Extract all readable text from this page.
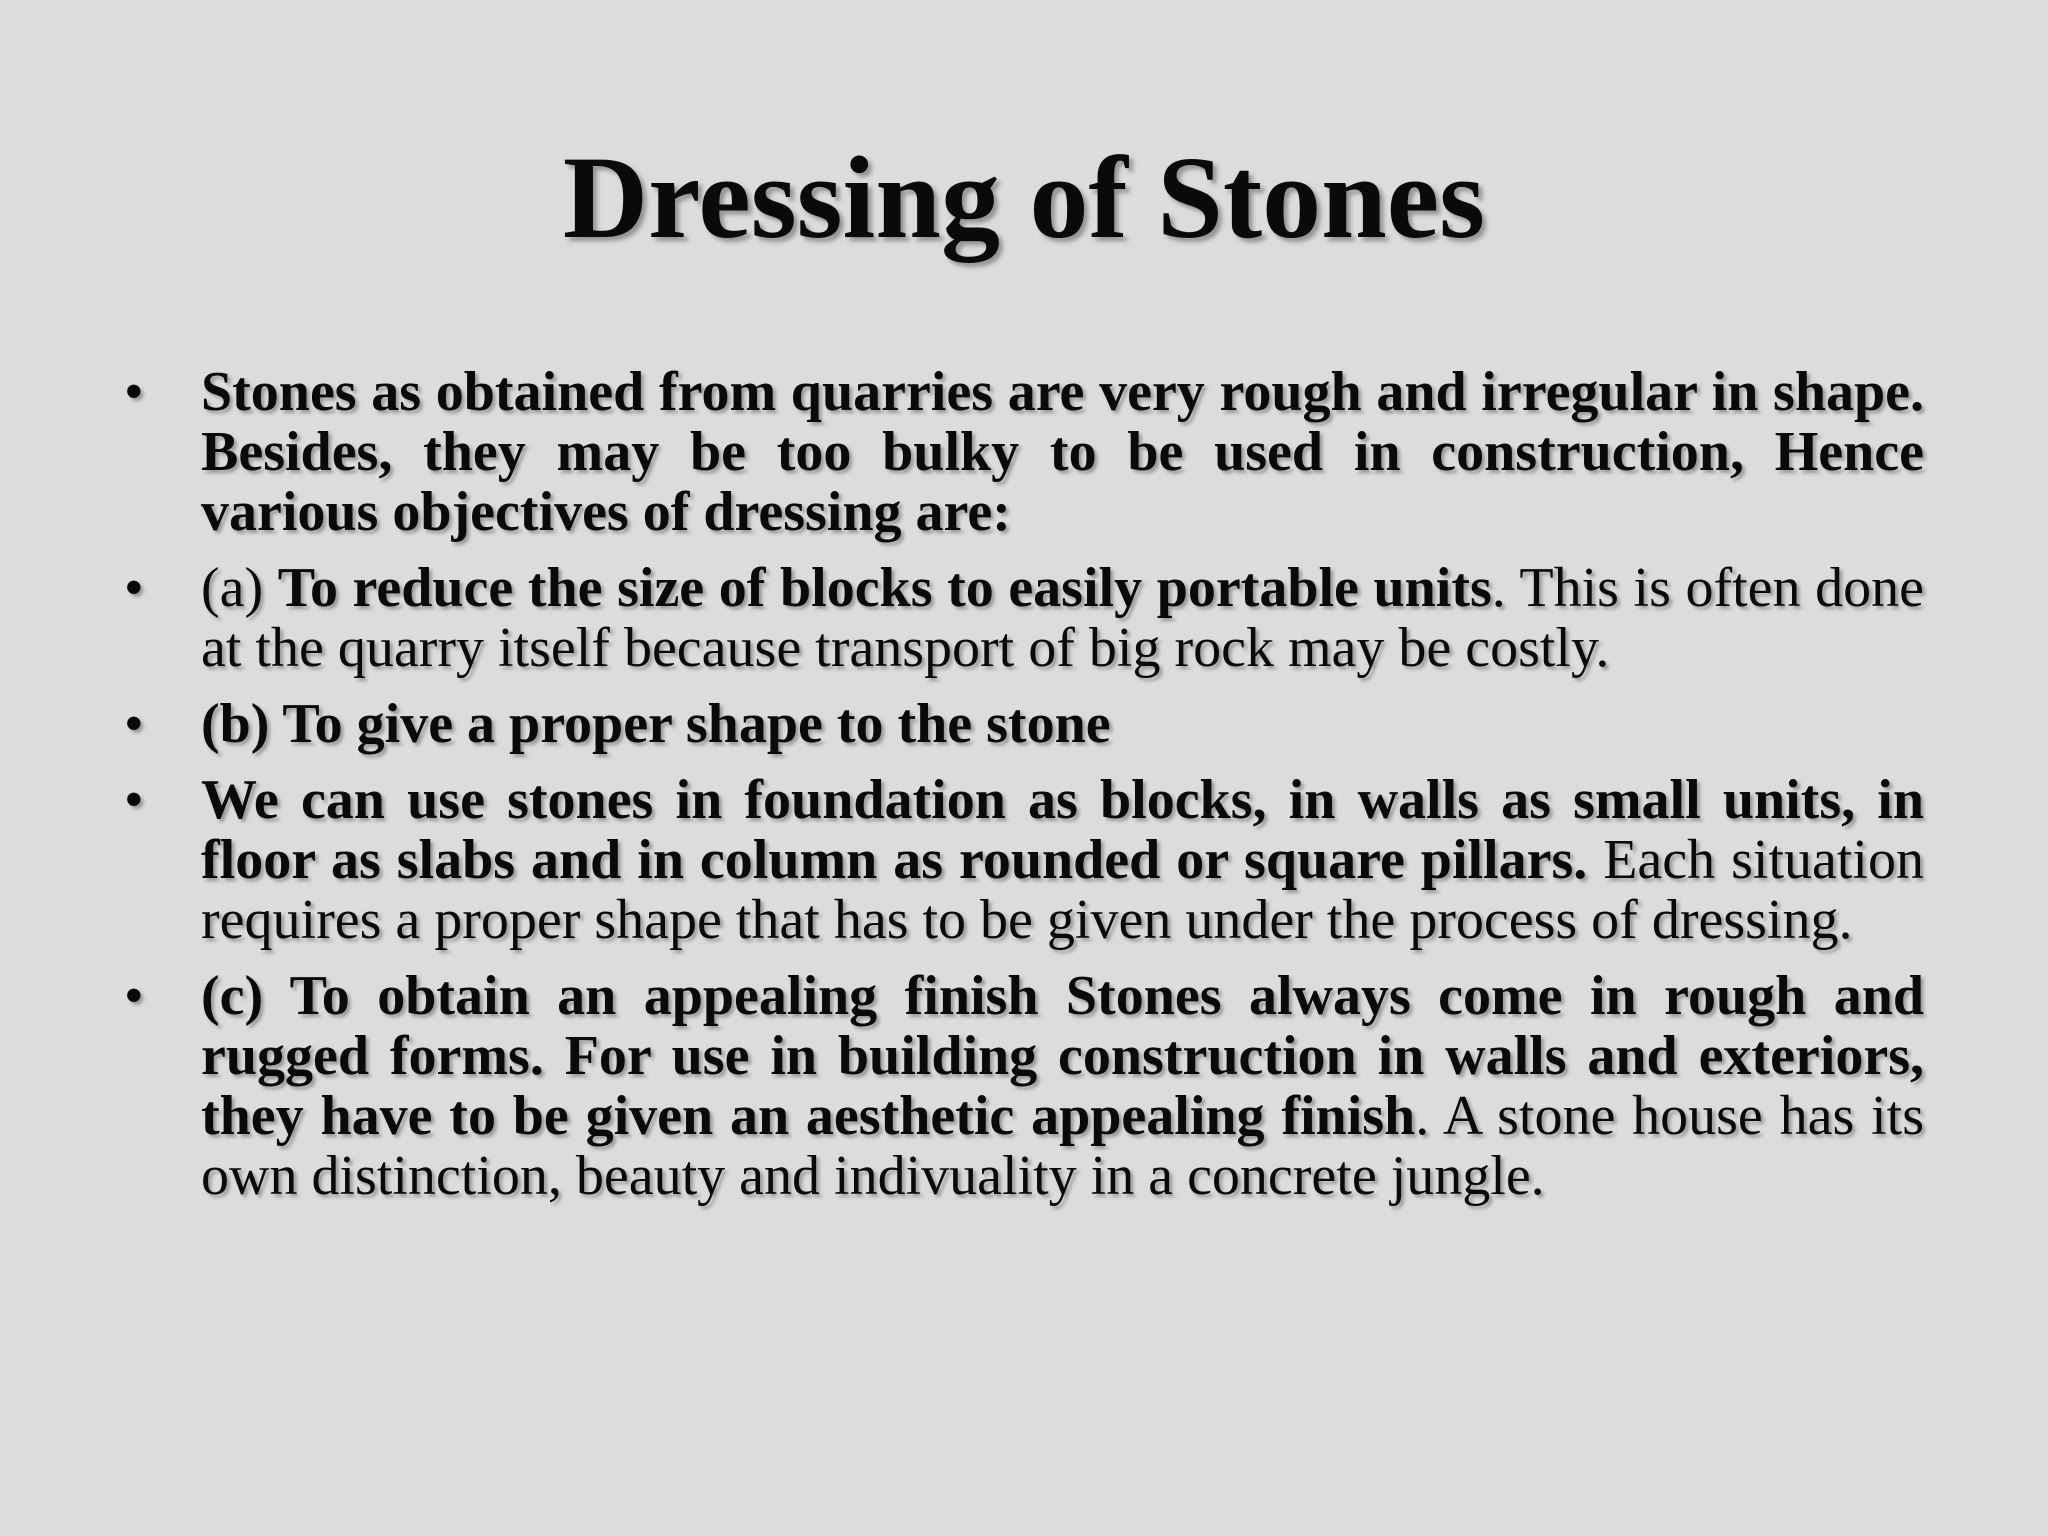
Dressing of Stones
•	Stones as obtained from quarries are very rough and irregular in shape. Besides, they may be too bulky to be used in construction, Hence various objectives of dressing are:
•	(a) To reduce the size of blocks to easily portable units. This is often done at the quarry itself because transport of big rock may be costly.
•	(b) To give a proper shape to the stone
•	We can use stones in foundation as blocks, in walls as small units, in floor as slabs and in column as rounded or square pillars. Each situation requires a proper shape that has to be given under the process of dressing.
•	(c) To obtain an appealing finish Stones always come in rough and rugged forms. For use in building construction in walls and exteriors, they have to be given an aesthetic appealing finish. A stone house has its own distinction, beauty and indivuality in a concrete jungle.
